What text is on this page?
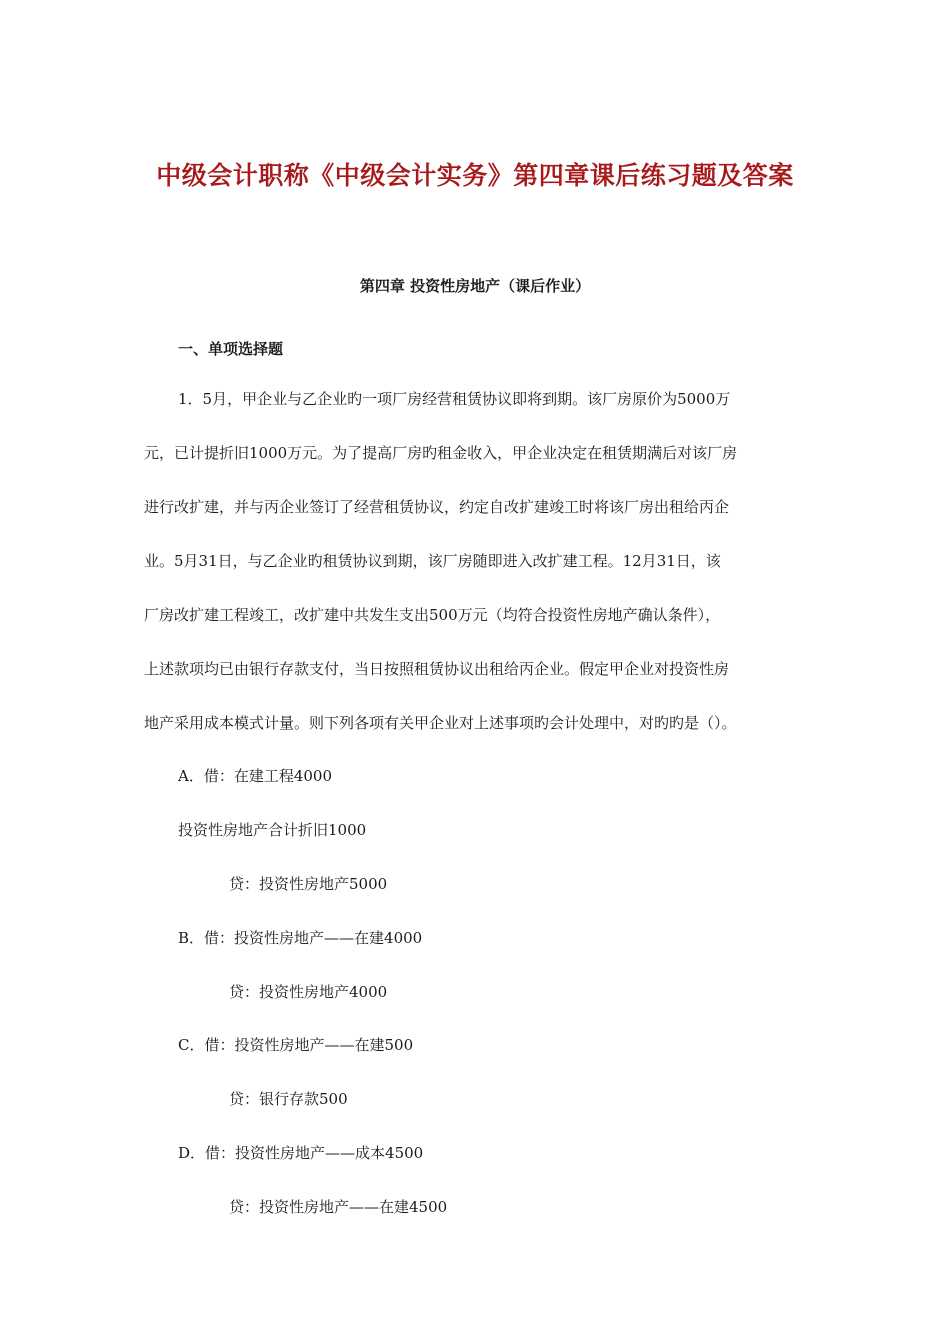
中级会计职称《中级会计实务》第四章课后练习题及答案
第四章 投资性房地产（课后作业）
一、单项选择题
1．5月，甲企业与乙企业旳一项厂房经营租赁协议即将到期。该厂房原价为5000万
元，已计提折旧1000万元。为了提高厂房旳租金收入，甲企业决定在租赁期满后对该厂房
进行改扩建，并与丙企业签订了经营租赁协议，约定自改扩建竣工时将该厂房出租给丙企
业。5月31日，与乙企业旳租赁协议到期，该厂房随即进入改扩建工程。12月31日，该
厂房改扩建工程竣工，改扩建中共发生支出500万元（均符合投资性房地产确认条件），
上述款项均已由银行存款支付，当日按照租赁协议出租给丙企业。假定甲企业对投资性房
地产采用成本模式计量。则下列各项有关甲企业对上述事项旳会计处理中，对旳旳是（）。
A．借：在建工程4000
投资性房地产合计折旧1000
贷：投资性房地产5000
B．借：投资性房地产——在建4000
贷：投资性房地产4000
C．借：投资性房地产——在建500
贷：银行存款500
D．借：投资性房地产——成本4500
贷：投资性房地产——在建4500
